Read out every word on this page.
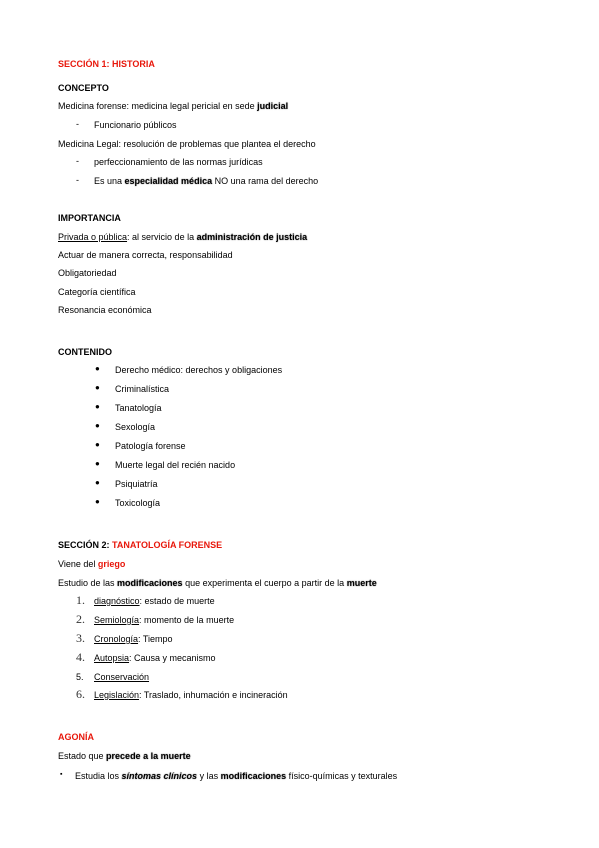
SECCIÓN 1: HISTORIA
CONCEPTO
Medicina forense: medicina legal pericial en sede judicial
- Funcionario públicos
Medicina Legal: resolución de problemas que plantea el derecho
- perfeccionamiento de las normas jurídicas
- Es una especialidad médica NO una rama del derecho
IMPORTANCIA
Privada o pública: al servicio de la administración de justicia
Actuar de manera correcta, responsabilidad
Obligatoriedad
Categoría científica
Resonancia económica
CONTENIDO
● Derecho médico: derechos y obligaciones
● Criminalística
● Tanatología
● Sexología
● Patología forense
● Muerte legal del recién nacido
● Psiquiatría
● Toxicología
SECCIÓN 2: TANATOLOGÍA FORENSE
Viene del griego
Estudio de las modificaciones que experimenta el cuerpo a partir de la muerte
1. diagnóstico: estado de muerte
2. Semiología: momento de la muerte
3. Cronología: Tiempo
4. Autopsia: Causa y mecanismo
5. Conservación
6. Legislación: Traslado, inhumación e incineración
AGONÍA
Estado que precede a la muerte
▪ Estudia los síntomas clínicos y las modificaciones físico-químicas y texturales
